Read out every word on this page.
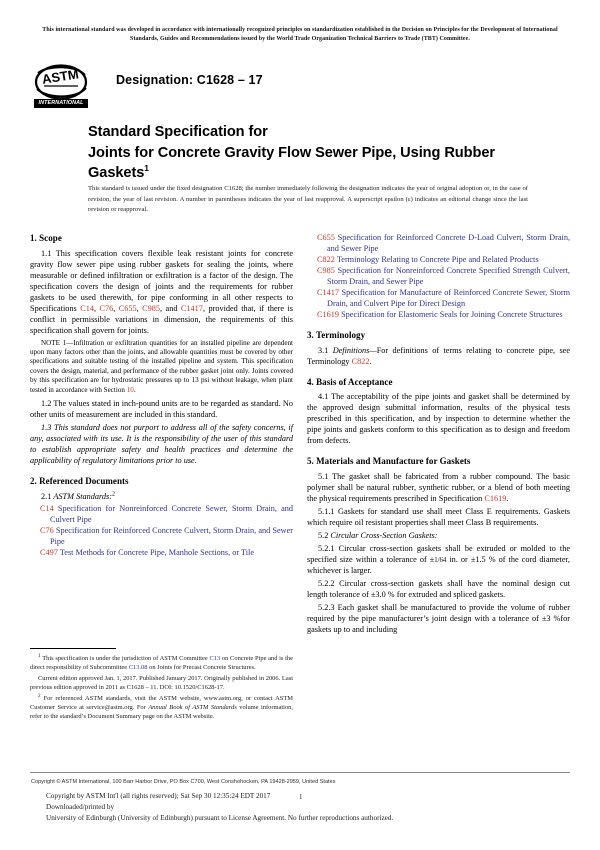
This international standard was developed in accordance with internationally recognized principles on standardization established in the Decision on Principles for the Development of International Standards, Guides and Recommendations issued by the World Trade Organization Technical Barriers to Trade (TBT) Committee.
ASTM
INTERNATIONAL
Designation: C1628 – 17
Standard Specification for
Joints for Concrete Gravity Flow Sewer Pipe, Using Rubber
Gaskets$^1$
This standard is issued under the fixed designation C1628; the number immediately following the designation indicates the year of original adoption or, in the case of revision, the year of last revision. A number in parentheses indicates the year of last reapproval. A superscript epsilon (ε) indicates an editorial change since the last revision or reapproval.
1. Scope

1.1 This specification covers flexible leak resistant joints for concrete gravity flow sewer pipe using rubber gaskets for sealing the joints, where measurable or defined infiltration or exfiltration is a factor of the design. The specification covers the design of joints and the requirements for rubber gaskets to be used therewith, for pipe conforming in all other respects to Specifications C14, C76, C655, C985, and C1417, provided that, if there is conflict in permissible variations in dimension, the requirements of this specification shall govern for joints.

NOTE 1—Infiltration or exfiltration quantities for an installed pipeline are dependent upon many factors other than the joints, and allowable quantities must be covered by other specifications and suitable testing of the installed pipeline and system. This specification covers the design, material, and performance of the rubber gasket joint only. Joints covered by this specification are for hydrostatic pressures up to 13 psi without leakage, when plant tested in accordance with Section 10.

1.2 The values stated in inch-pound units are to be regarded as standard. No other units of measurement are included in this standard.

1.3 This standard does not purport to address all of the safety concerns, if any, associated with its use. It is the responsibility of the user of this standard to establish appropriate safety and health practices and determine the applicability of regulatory limitations prior to use.

2. Referenced Documents

2.1 ASTM Standards:$^2$

C14 Specification for Nonreinforced Concrete Sewer, Storm Drain, and Culvert Pipe
C76 Specification for Reinforced Concrete Culvert, Storm Drain, and Sewer Pipe
C497 Test Methods for Concrete Pipe, Manhole Sections, or Tile

$^1$ This specification is under the jurisdiction of ASTM Committee C13 on Concrete Pipe and is the direct responsibility of Subcommittee C13.08 on Joints for Precast Concrete Structures.

Current edition approved Jan. 1, 2017. Published January 2017. Originally published in 2006. Last previous edition approved in 2011 as C1628 – 11. DOI: 10.1520/C1628-17.

$^2$ For referenced ASTM standards, visit the ASTM website, www.astm.org, or contact ASTM Customer Service at service@astm.org. For Annual Book of ASTM Standards volume information, refer to the standard’s Document Summary page on the ASTM website.

C655 Specification for Reinforced Concrete D-Load Culvert, Storm Drain, and Sewer Pipe
C822 Terminology Relating to Concrete Pipe and Related Products
C985 Specification for Nonreinforced Concrete Specified Strength Culvert, Storm Drain, and Sewer Pipe
C1417 Specification for Manufacture of Reinforced Concrete Sewer, Storm Drain, and Culvert Pipe for Direct Design
C1619 Specification for Elastomeric Seals for Joining Concrete Structures
3. Terminology

3.1 Definitions—For definitions of terms relating to concrete pipe, see Terminology C822.

4. Basis of Acceptance

4.1 The acceptability of the pipe joints and gasket shall be determined by the approved design submittal information, results of the physical tests prescribed in this specification, and by inspection to determine whether the pipe joints and gaskets conform to this specification as to design and freedom from defects.

5. Materials and Manufacture for Gaskets

5.1 The gasket shall be fabricated from a rubber compound. The basic polymer shall be natural rubber, synthetic rubber, or a blend of both meeting the physical requirements prescribed in Specification C1619.

5.1.1 Gaskets for standard use shall meet Class E requirements. Gaskets which require oil resistant properties shall meet Class B requirements.

5.2 Circular Cross-Section Gaskets:

5.2.1 Circular cross-section gaskets shall be extruded or molded to the specified size within a tolerance of ±1/64 in. or ±1.5 % of the cord diameter, whichever is larger.

5.2.2 Circular cross-section gaskets shall have the nominal design cut length tolerance of ±3.0 % for extruded and spliced gaskets.

5.2.3 Each gasket shall be manufactured to provide the volume of rubber required by the pipe manufacturer’s joint design with a tolerance of ±3 %for gaskets up to and including

Copyright © ASTM International, 100 Barr Harbor Drive, PO Box C700, West Conshohocken, PA 19428-2959, United States
Copyright by ASTM Int'l (all rights reserved); Sat Sep 30 12:35:24 EDT 2017
Downloaded/printed by
University of Edinburgh (University of Edinburgh) pursuant to License Agreement. No further reproductions authorized.
1
